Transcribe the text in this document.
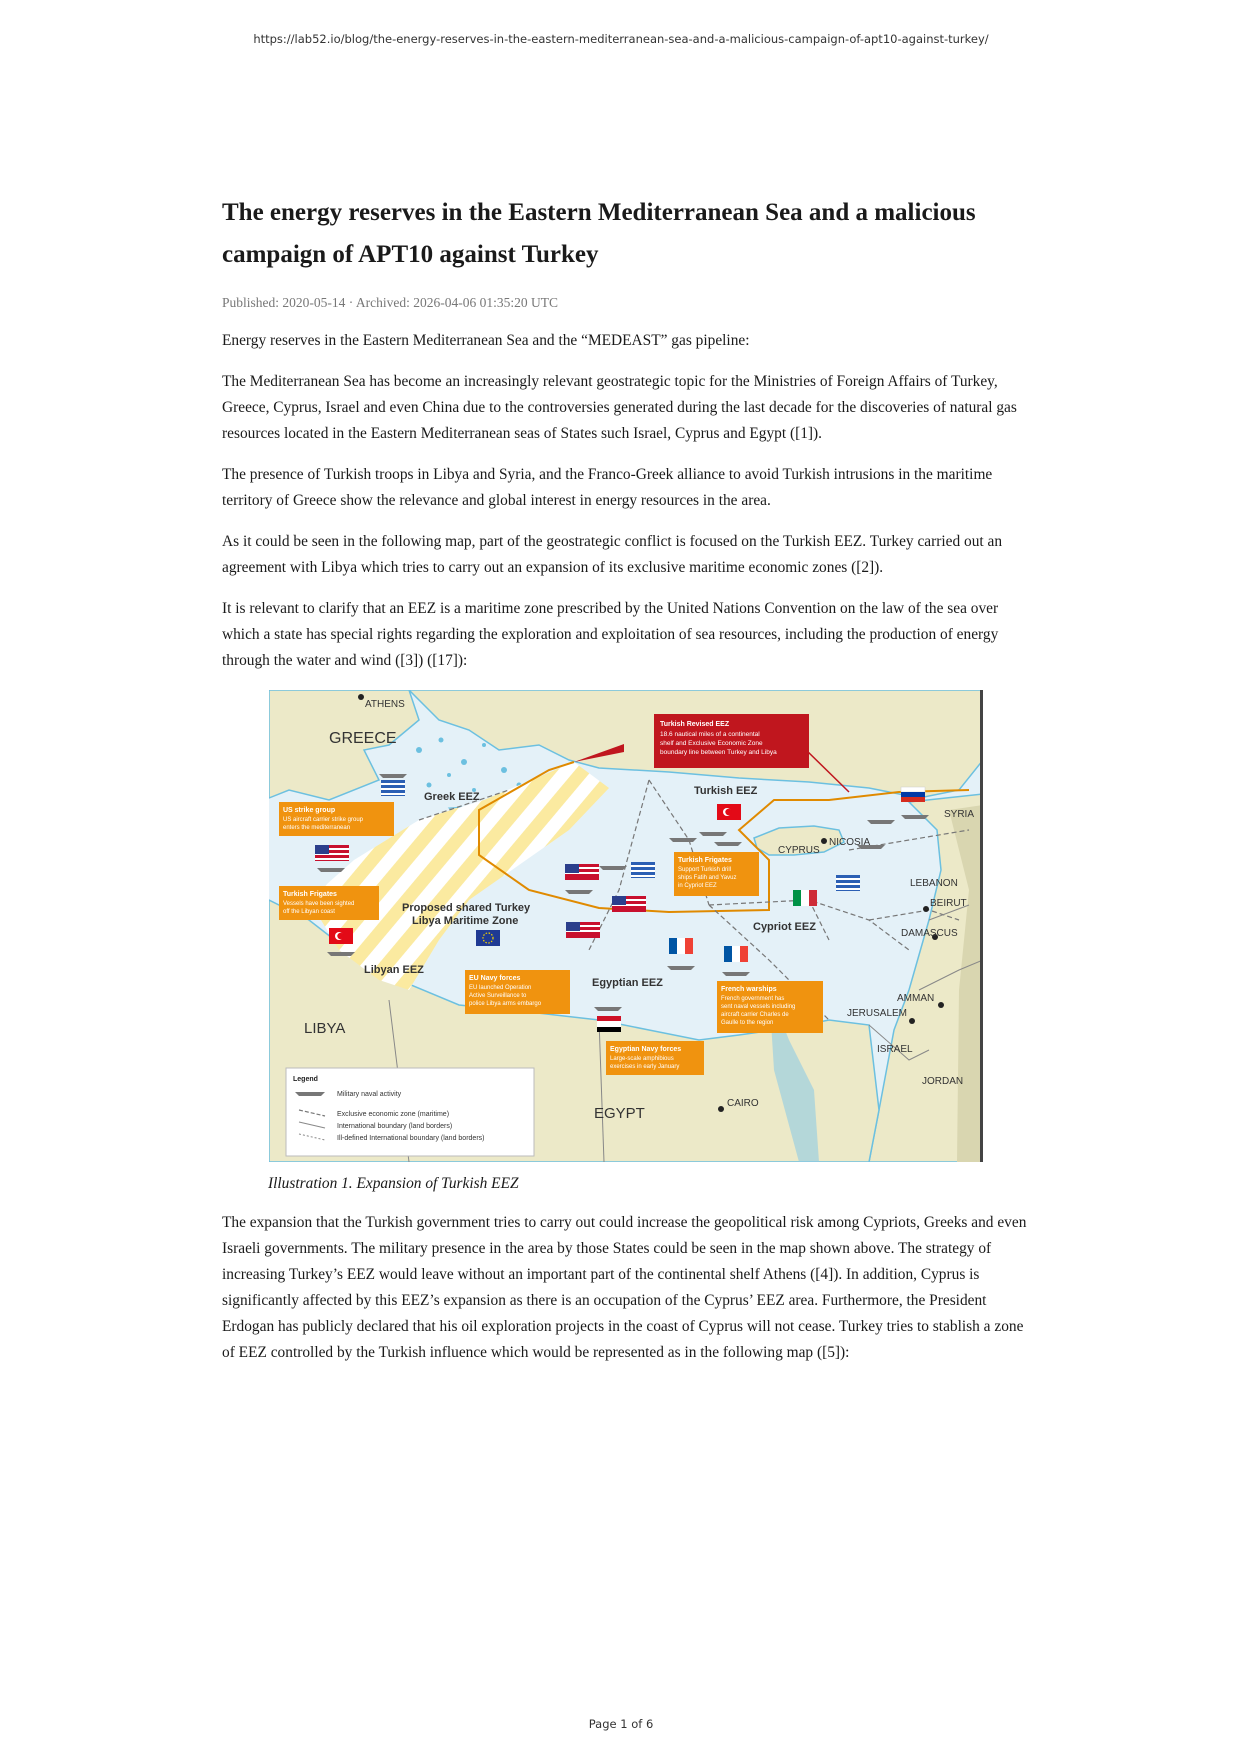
https://lab52.io/blog/the-energy-reserves-in-the-eastern-mediterranean-sea-and-a-malicious-campaign-of-apt10-against-turkey/
The energy reserves in the Eastern Mediterranean Sea and a malicious
campaign of APT10 against Turkey
Published: 2020-05-14 · Archived: 2026-04-06 01:35:20 UTC

Energy reserves in the Eastern Mediterranean Sea and the “MEDEAST” gas pipeline:

The Mediterranean Sea has become an increasingly relevant geostrategic topic for the Ministries of Foreign Affairs of Turkey, Greece, Cyprus, Israel and even China due to the controversies generated during the last decade for the discoveries of natural gas resources located in the Eastern Mediterranean seas of States such Israel, Cyprus and Egypt ([1]).

The presence of Turkish troops in Libya and Syria, and the Franco-Greek alliance to avoid Turkish intrusions in the maritime territory of Greece show the relevance and global interest in energy resources in the area.

As it could be seen in the following map, part of the geostrategic conflict is focused on the Turkish EEZ. Turkey carried out an agreement with Libya which tries to carry out an expansion of its exclusive maritime economic zones ([2]).

It is relevant to clarify that an EEZ is a maritime zone prescribed by the United Nations Convention on the law of the sea over which a state has special rights regarding the exploration and exploitation of sea resources, including the production of energy through the water and wind ([3]) ([17]):

Turkish Revised EEZ
18.6 nautical miles of a continental
shelf and Exclusive Economic Zone
boundary line between Turkey and Libya
US strike group
US aircraft carrier strike group
enters the mediterranean
Turkish Frigates
Vessels have been sighted
off the Libyan coast
Turkish Frigates
Support Turkish drill
ships Fatih and Yavuz
in Cypriot EEZ
EU Navy forces
EU launched Operation
Active Surveillance to
police Libya arms embargo
French warships
French government has
sent naval vessels including
aircraft carrier Charles de
Gaulle to the region
Egyptian Navy forces
Large-scale amphibious
exercises in early January
ATHENS
GREECE
Greek EEZ	Turkish EEZ
SYRIA
NICOSIA
CYPRUS
LEBANON
BEIRUT
DAMASCUS
Cypriot EEZ
Proposed shared Turkey
Libya Maritime Zone
Libyan EEZ
Egyptian EEZ
LIBYA
AMMAN
JERUSALEM
ISRAEL
JORDAN
CAIRO
EGYPT
Legend
Military naval activity
Exclusive economic zone (maritime)
International boundary (land borders)
Ill-defined International boundary (land borders)
Illustration 1. Expansion of Turkish EEZ

The expansion that the Turkish government tries to carry out could increase the geopolitical risk among Cypriots, Greeks and even Israeli governments. The military presence in the area by those States could be seen in the map shown above. The strategy of increasing Turkey’s EEZ would leave without an important part of the continental shelf Athens ([4]). In addition, Cyprus is significantly affected by this EEZ’s expansion as there is an occupation of the Cyprus’ EEZ area. Furthermore, the President Erdogan has publicly declared that his oil exploration projects in the coast of Cyprus will not cease. Turkey tries to stablish a zone of EEZ controlled by the Turkish influence which would be represented as in the following map ([5]):

Page 1 of 6
